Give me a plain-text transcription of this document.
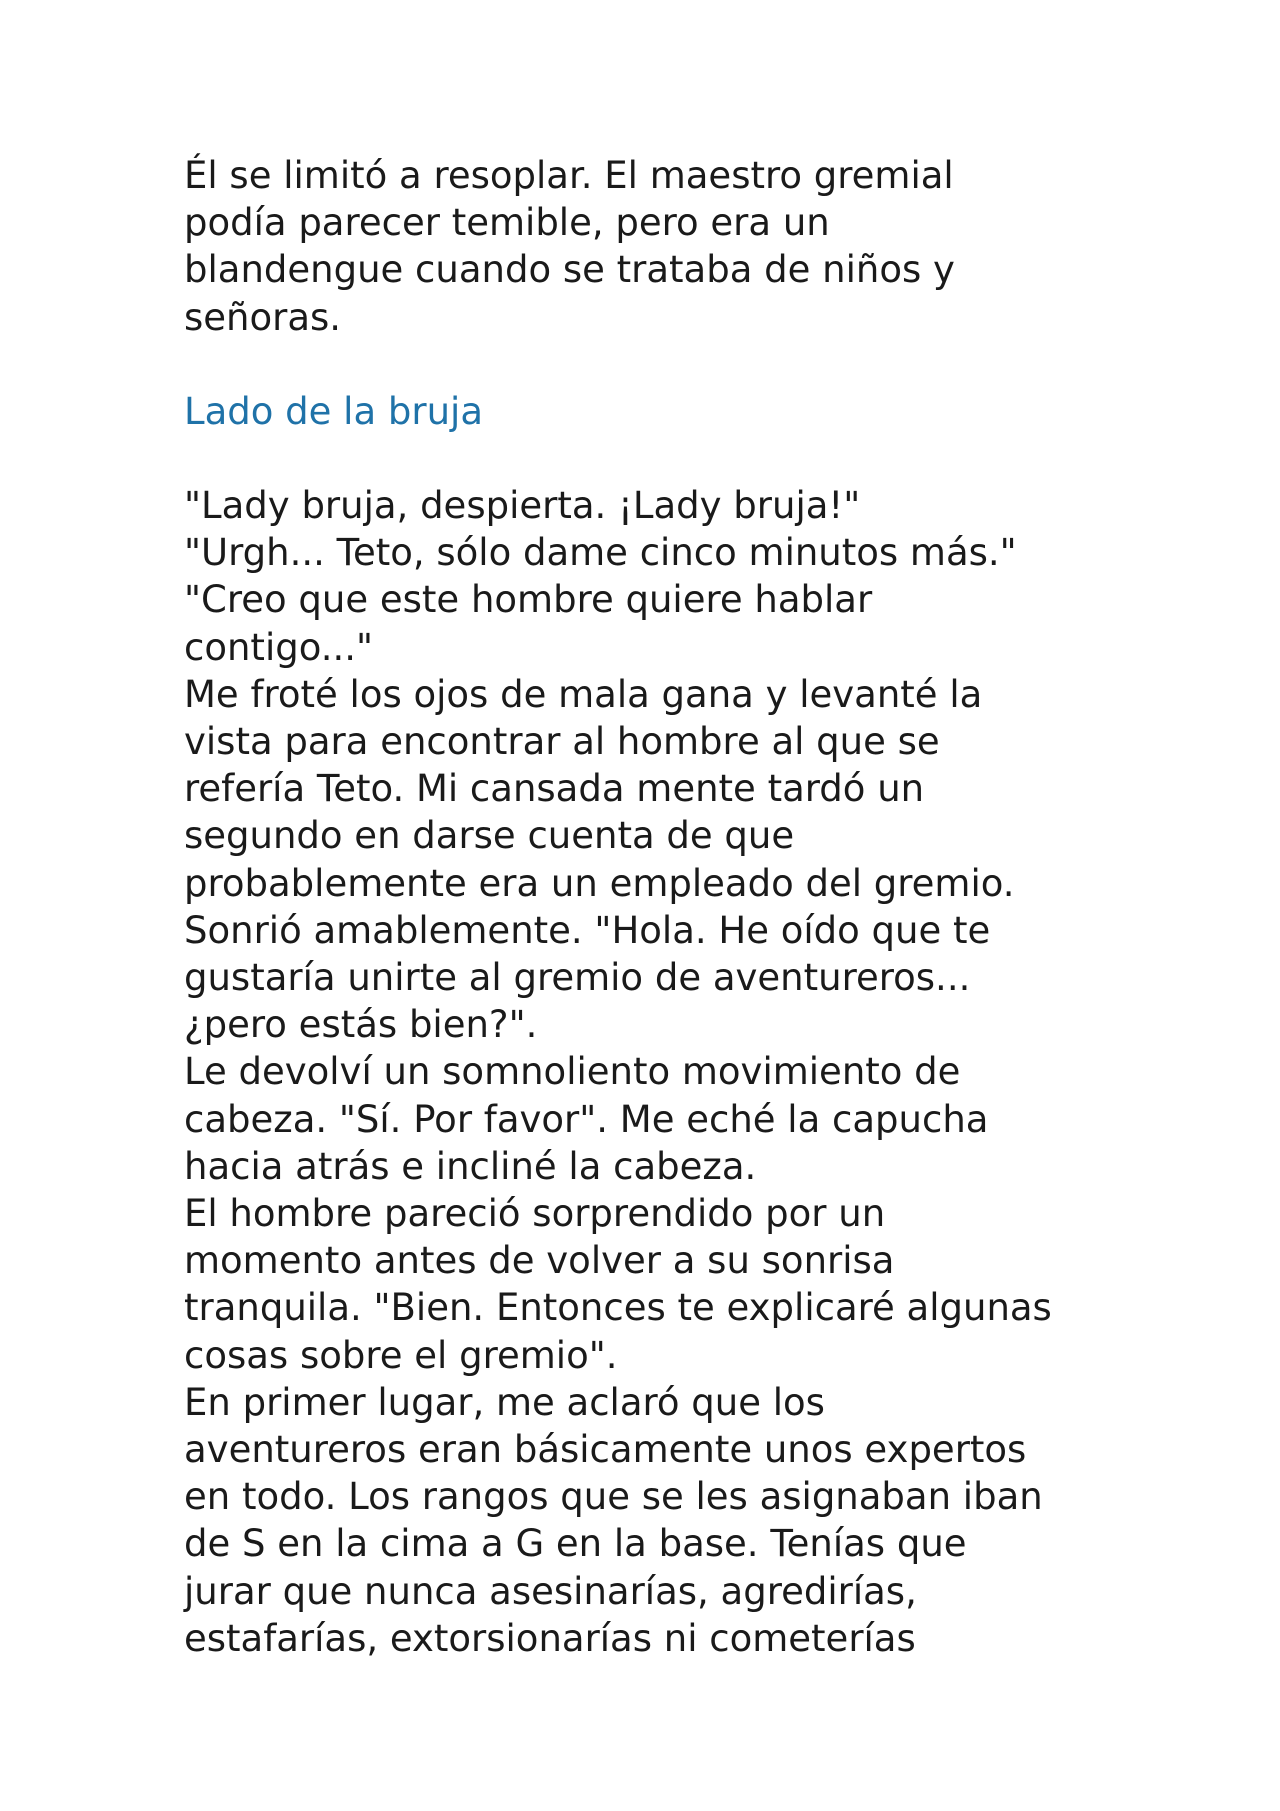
Él se limitó a resoplar. El maestro gremial

podía parecer temible, pero era un

blandengue cuando se trataba de niños y

señoras.

Lado de la bruja

"Lady bruja, despierta. ¡Lady bruja!"

"Urgh... Teto, sólo dame cinco minutos más."

"Creo que este hombre quiere hablar

contigo..."

Me froté los ojos de mala gana y levanté la

vista para encontrar al hombre al que se

refería Teto. Mi cansada mente tardó un

segundo en darse cuenta de que

probablemente era un empleado del gremio.

Sonrió amablemente. "Hola. He oído que te

gustaría unirte al gremio de aventureros...

¿pero estás bien?".

Le devolví un somnoliento movimiento de

cabeza. "Sí. Por favor". Me eché la capucha

hacia atrás e incliné la cabeza.

El hombre pareció sorprendido por un

momento antes de volver a su sonrisa

tranquila. "Bien. Entonces te explicaré algunas

cosas sobre el gremio".

En primer lugar, me aclaró que los

aventureros eran básicamente unos expertos

en todo. Los rangos que se les asignaban iban

de S en la cima a G en la base. Tenías que

jurar que nunca asesinarías, agredirías,

estafarías, extorsionarías ni cometerías
